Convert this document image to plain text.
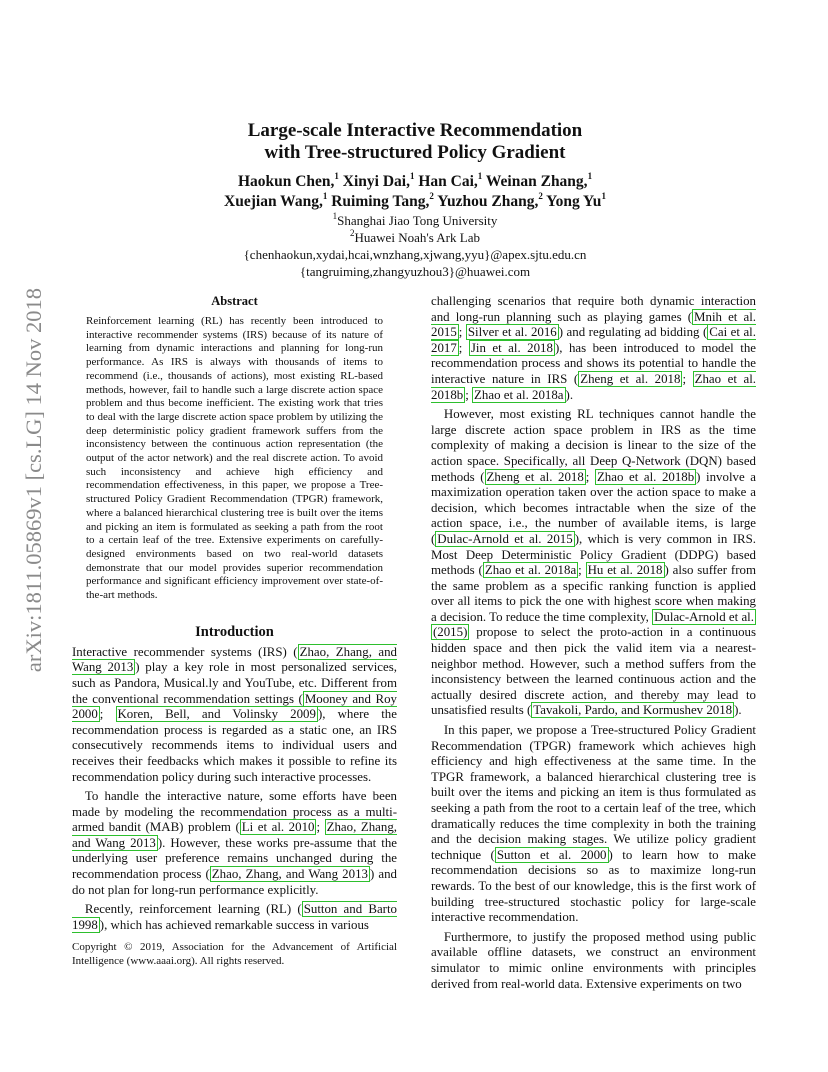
arXiv:1811.05869v1 [cs.LG] 14 Nov 2018
Large-scale Interactive Recommendation
with Tree-structured Policy Gradient
Haokun Chen,$^1$ Xinyi Dai,$^1$ Han Cai,$^1$ Weinan Zhang,$^1$
Xuejian Wang,$^1$ Ruiming Tang,$^2$ Yuzhou Zhang,$^2$ Yong Yu$^1$
$^1$Shanghai Jiao Tong University
$^2$Huawei Noah's Ark Lab
{chenhaokun,xydai,hcai,wnzhang,xjwang,yyu}@apex.sjtu.edu.cn
{tangruiming,zhangyuzhou3}@huawei.com
Abstract
Reinforcement learning (RL) has recently been introduced to interactive recommender systems (IRS) because of its nature of learning from dynamic interactions and planning for long-run performance. As IRS is always with thousands of items to recommend (i.e., thousands of actions), most existing RL-based methods, however, fail to handle such a large discrete action space problem and thus become inefficient. The existing work that tries to deal with the large discrete action space problem by utilizing the deep deterministic policy gradient framework suffers from the inconsistency between the continuous action representation (the output of the actor network) and the real discrete action. To avoid such inconsistency and achieve high efficiency and recommendation effectiveness, in this paper, we propose a Tree-structured Policy Gradient Recommendation (TPGR) framework, where a balanced hierarchical clustering tree is built over the items and picking an item is formulated as seeking a path from the root to a certain leaf of the tree. Extensive experiments on carefully-designed environments based on two real-world datasets demonstrate that our model provides superior recommendation performance and significant efficiency improvement over state-of-the-art methods.
Introduction

Interactive recommender systems (IRS) ( Zhao, Zhang, and Wang 2013 ) play a key role in most personalized services, such as Pandora, Musical.ly and YouTube, etc. Different from the conventional recommendation settings ( Mooney and Roy 2000 ; Koren, Bell, and Volinsky 2009 ), where the recommendation process is regarded as a static one, an IRS consecutively recommends items to individual users and receives their feedbacks which makes it possible to refine its recommendation policy during such interactive processes.

To handle the interactive nature, some efforts have been made by modeling the recommendation process as a multi-armed bandit (MAB) problem ( Li et al. 2010 ; Zhao, Zhang, and Wang 2013 ). However, these works pre-assume that the underlying user preference remains unchanged during the recommendation process ( Zhao, Zhang, and Wang 2013 ) and do not plan for long-run performance explicitly.

Recently, reinforcement learning (RL) ( Sutton and Barto 1998 ), which has achieved remarkable success in various

Copyright © 2019, Association for the Advancement of Artificial Intelligence (www.aaai.org). All rights reserved.

challenging scenarios that require both dynamic interaction and long-run planning such as playing games ( Mnih et al. 2015 ; Silver et al. 2016 ) and regulating ad bidding ( Cai et al. 2017 ; Jin et al. 2018 ), has been introduced to model the recommendation process and shows its potential to handle the interactive nature in IRS ( Zheng et al. 2018 ; Zhao et al. 2018b ; Zhao et al. 2018a ).

However, most existing RL techniques cannot handle the large discrete action space problem in IRS as the time complexity of making a decision is linear to the size of the action space. Specifically, all Deep Q-Network (DQN) based methods ( Zheng et al. 2018 ; Zhao et al. 2018b ) involve a maximization operation taken over the action space to make a decision, which becomes intractable when the size of the action space, i.e., the number of available items, is large ( Dulac-Arnold et al. 2015 ), which is very common in IRS. Most Deep Deterministic Policy Gradient (DDPG) based methods ( Zhao et al. 2018a ; Hu et al. 2018 ) also suffer from the same problem as a specific ranking function is applied over all items to pick the one with highest score when making a decision. To reduce the time complexity, Dulac-Arnold et al. (2015) propose to select the proto-action in a continuous hidden space and then pick the valid item via a nearest-neighbor method. However, such a method suffers from the inconsistency between the learned continuous action and the actually desired discrete action, and thereby may lead to unsatisfied results ( Tavakoli, Pardo, and Kormushev 2018 ).

In this paper, we propose a Tree-structured Policy Gradient Recommendation (TPGR) framework which achieves high efficiency and high effectiveness at the same time. In the TPGR framework, a balanced hierarchical clustering tree is built over the items and picking an item is thus formulated as seeking a path from the root to a certain leaf of the tree, which dramatically reduces the time complexity in both the training and the decision making stages. We utilize policy gradient technique ( Sutton et al. 2000 ) to learn how to make recommendation decisions so as to maximize long-run rewards. To the best of our knowledge, this is the first work of building tree-structured stochastic policy for large-scale interactive recommendation.

Furthermore, to justify the proposed method using public available offline datasets, we construct an environment simulator to mimic online environments with principles derived from real-world data. Extensive experiments on two
